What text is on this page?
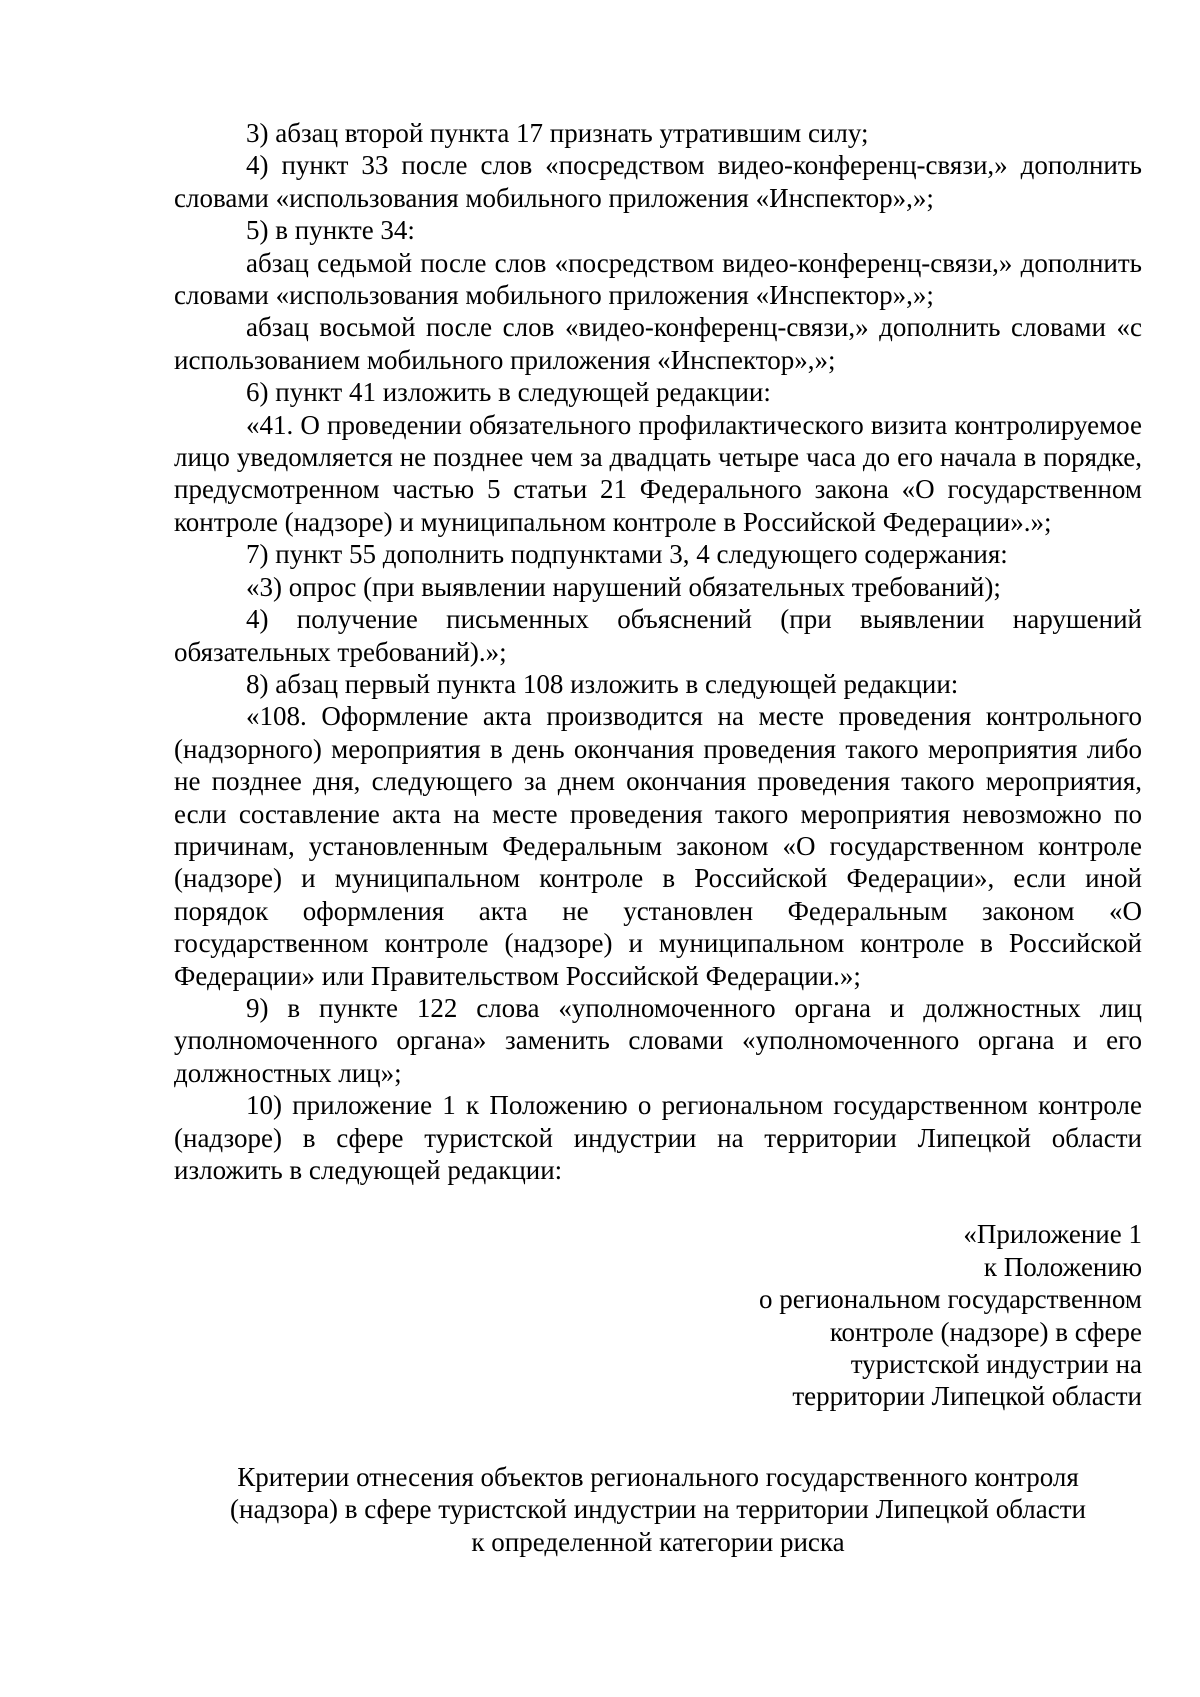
3) абзац второй пункта 17 признать утратившим силу;

4) пункт 33 после слов «посредством видео-конференц-связи,» дополнить словами «использования мобильного приложения «Инспектор»,»;

5) в пункте 34:

абзац седьмой после слов «посредством видео-конференц-связи,» дополнить словами «использования мобильного приложения «Инспектор»,»;

абзац восьмой после слов «видео-конференц-связи,» дополнить словами «с использованием мобильного приложения «Инспектор»,»;

6) пункт 41 изложить в следующей редакции:

«41. О проведении обязательного профилактического визита контролируемое лицо уведомляется не позднее чем за двадцать четыре часа до его начала в порядке, предусмотренном частью 5 статьи 21 Федерального закона «О государственном контроле (надзоре) и муниципальном контроле в Российской Федерации».»;

7) пункт 55 дополнить подпунктами 3, 4 следующего содержания:

«3) опрос (при выявлении нарушений обязательных требований);

4) получение письменных объяснений (при выявлении нарушений обязательных требований).»;

8) абзац первый пункта 108 изложить в следующей редакции:

«108. Оформление акта производится на месте проведения контрольного (надзорного) мероприятия в день окончания проведения такого мероприятия либо не позднее дня, следующего за днем окончания проведения такого мероприятия, если составление акта на месте проведения такого мероприятия невозможно по причинам, установленным Федеральным законом «О государственном контроле (надзоре) и муниципальном контроле в Российской Федерации», если иной порядок оформления акта не установлен Федеральным законом «О государственном контроле (надзоре) и муниципальном контроле в Российской Федерации» или Правительством Российской Федерации.»;

9) в пункте 122 слова «уполномоченного органа и должностных лиц уполномоченного органа» заменить словами «уполномоченного органа и его должностных лиц»;

10) приложение 1 к Положению о региональном государственном контроле (надзоре) в сфере туристской индустрии на территории Липецкой области изложить в следующей редакции:

«Приложение 1
к Положению
о региональном государственном
контроле (надзоре) в сфере
туристской индустрии на
территории Липецкой области
Критерии отнесения объектов регионального государственного контроля
(надзора) в сфере туристской индустрии на территории Липецкой области
к определенной категории риска
